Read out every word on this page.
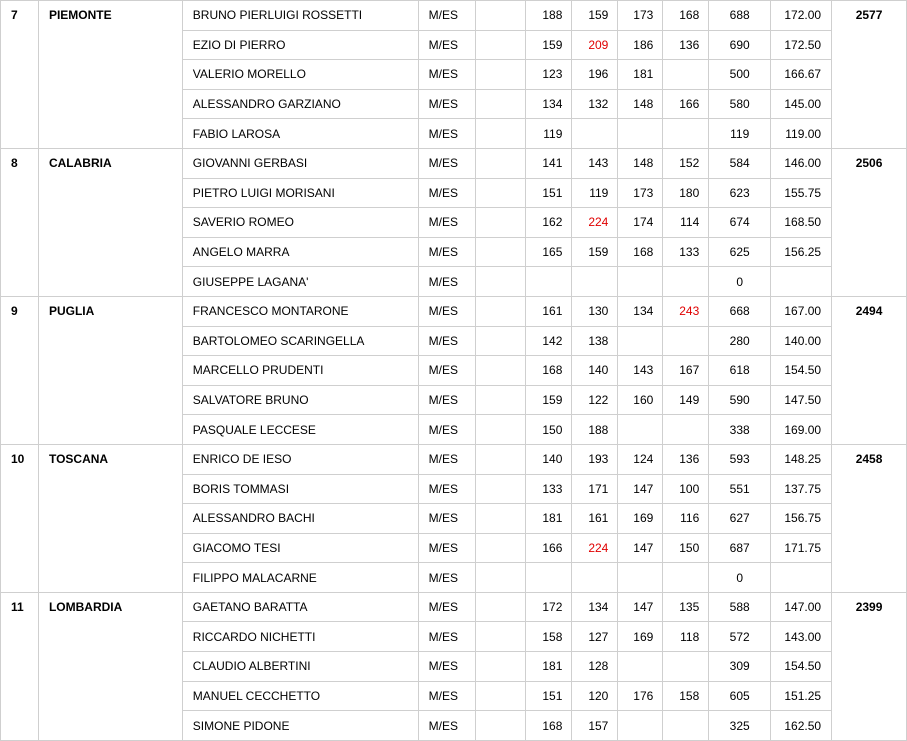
7	PIEMONTE	BRUNO PIERLUIGI ROSSETTI	M/ES		188	159	173	168	688	172.00	2577
		EZIO DI PIERRO	M/ES		159	209	186	136	690	172.50	
		VALERIO MORELLO	M/ES		123	196	181		500	166.67	
		ALESSANDRO GARZIANO	M/ES		134	132	148	166	580	145.00	
		FABIO LAROSA	M/ES		119				119	119.00	
8	CALABRIA	GIOVANNI GERBASI	M/ES		141	143	148	152	584	146.00	2506
		PIETRO LUIGI MORISANI	M/ES		151	119	173	180	623	155.75	
		SAVERIO ROMEO	M/ES		162	224	174	114	674	168.50	
		ANGELO MARRA	M/ES		165	159	168	133	625	156.25	
		GIUSEPPE LAGANA'	M/ES						0		
9	PUGLIA	FRANCESCO MONTARONE	M/ES		161	130	134	243	668	167.00	2494
		BARTOLOMEO SCARINGELLA	M/ES		142	138			280	140.00	
		MARCELLO PRUDENTI	M/ES		168	140	143	167	618	154.50	
		SALVATORE BRUNO	M/ES		159	122	160	149	590	147.50	
		PASQUALE LECCESE	M/ES		150	188			338	169.00	
10	TOSCANA	ENRICO DE IESO	M/ES		140	193	124	136	593	148.25	2458
		BORIS TOMMASI	M/ES		133	171	147	100	551	137.75	
		ALESSANDRO BACHI	M/ES		181	161	169	116	627	156.75	
		GIACOMO TESI	M/ES		166	224	147	150	687	171.75	
		FILIPPO MALACARNE	M/ES						0		
11	LOMBARDIA	GAETANO BARATTA	M/ES		172	134	147	135	588	147.00	2399
		RICCARDO NICHETTI	M/ES		158	127	169	118	572	143.00	
		CLAUDIO ALBERTINI	M/ES		181	128			309	154.50	
		MANUEL CECCHETTO	M/ES		151	120	176	158	605	151.25	
		SIMONE PIDONE	M/ES		168	157			325	162.50	
